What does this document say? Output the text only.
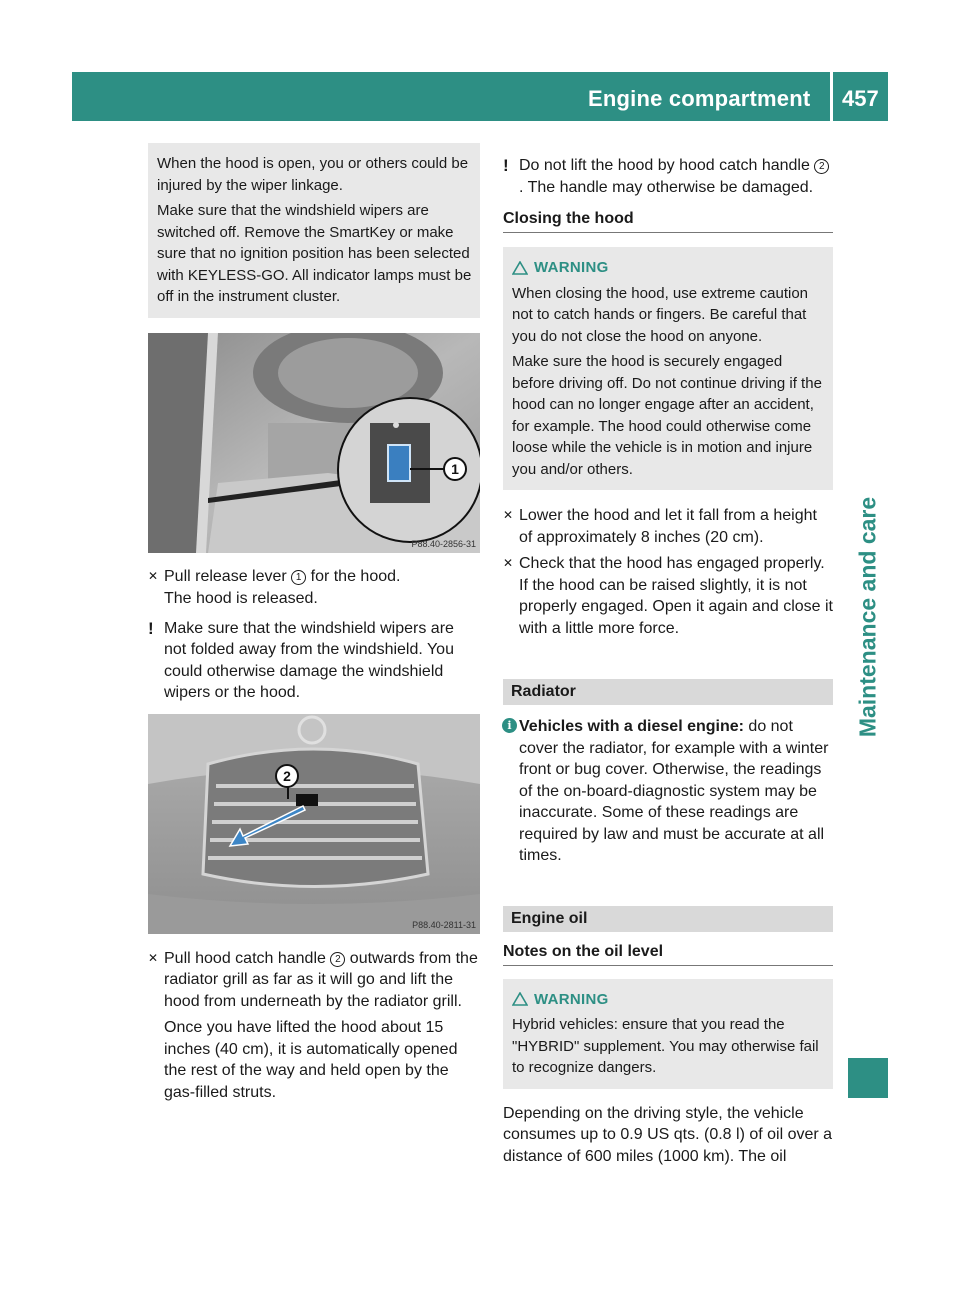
Engine compartment 457
Maintenance and care

When the hood is open, you or others could be injured by the wiper linkage.

Make sure that the windshield wipers are switched off. Remove the SmartKey or make sure that no ignition position has been selected with KEYLESS-GO. All indicator lamps must be off in the instrument cluster.

1
P88.40-2856-31
✕ Pull release lever 1 for the hood.
The hood is released.
! Make sure that the windshield wipers are not folded away from the windshield. You could otherwise damage the windshield wipers or the hood.
2
P88.40-2811-31
✕ Pull hood catch handle 2 outwards from the radiator grill as far as it will go and lift the hood from underneath by the radiator grill.
Once you have lifted the hood about 15 inches (40 cm), it is automatically opened the rest of the way and held open by the gas-filled struts.
! Do not lift the hood by hood catch handle 2. The handle may otherwise be damaged.
Closing the hood
WARNING

When closing the hood, use extreme caution not to catch hands or fingers. Be careful that you do not close the hood on anyone.

Make sure the hood is securely engaged before driving off. Do not continue driving if the hood can no longer engage after an accident, for example. The hood could otherwise come loose while the vehicle is in motion and injure you and/or others.

✕ Lower the hood and let it fall from a height of approximately 8 inches (20 cm).
✕ Check that the hood has engaged properly. If the hood can be raised slightly, it is not properly engaged. Open it again and close it with a little more force.
Radiator
i Vehicles with a diesel engine: do not cover the radiator, for example with a winter front or bug cover. Otherwise, the readings of the on-board-diagnostic system may be inaccurate. Some of these readings are required by law and must be accurate at all times.
Engine oil
Notes on the oil level
WARNING

Hybrid vehicles: ensure that you read the "HYBRID" supplement. You may otherwise fail to recognize dangers.

Depending on the driving style, the vehicle consumes up to 0.9 US qts. (0.8 l) of oil over a distance of 600 miles (1000 km). The oil
